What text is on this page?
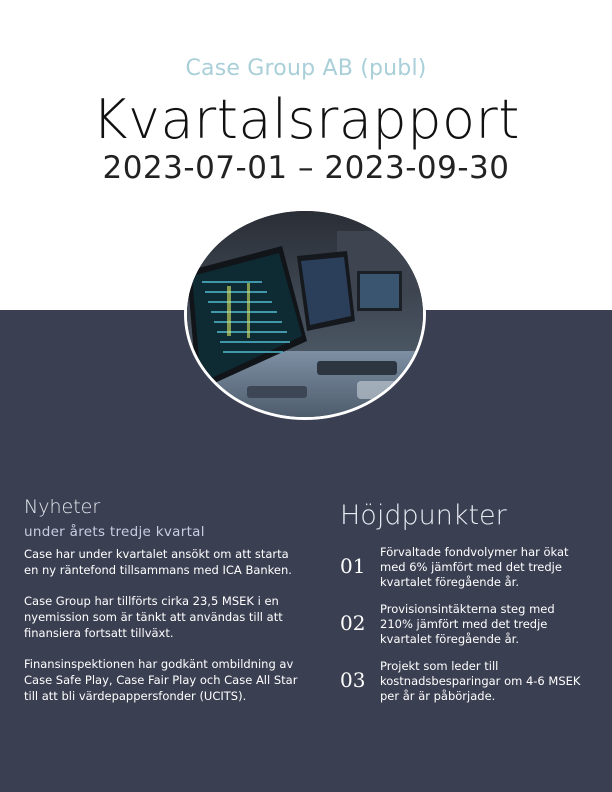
Case Group AB (publ)
Kvartalsrapport
2023-07-01 – 2023-09-30
Nyheter
under årets tredje kvartal

Case har under kvartalet ansökt om att starta en ny räntefond tillsammans med ICA Banken.

Case Group har tillförts cirka 23,5 MSEK i en nyemission som är tänkt att användas till att finansiera fortsatt tillväxt.

Finansinspektionen har godkänt ombildning av Case Safe Play, Case Fair Play och Case All Star till att bli värdepappersfonder (UCITS).

Höjdpunkter
01
Förvaltade fondvolymer har ökat med 6% jämfört med det tredje kvartalet föregående år.
02
Provisionsintäkterna steg med 210% jämfört med det tredje kvartalet föregående år.
03
Projekt som leder till kostnadsbesparingar om 4-6 MSEK per år är påbörjade.
